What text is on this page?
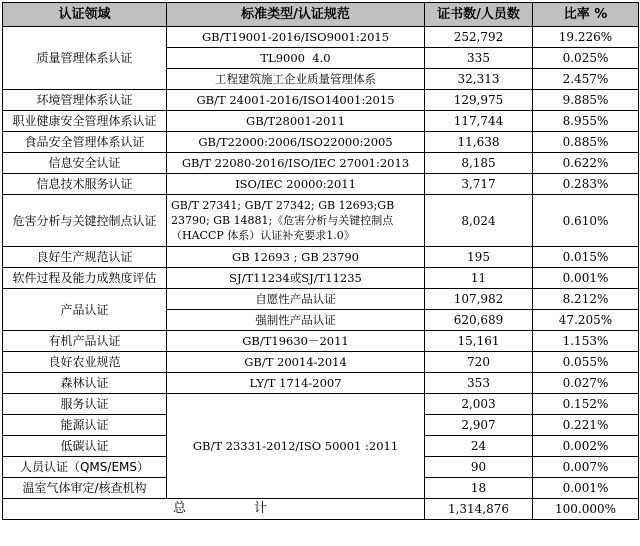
认证领域	标准类型/认证规范	证书数/人员数	比率 %
质量管理体系认证	GB/T19001-2016/ISO9001:2015	252,792	19.226%
	TL9000  4.0	335	0.025%
	工程建筑施工企业质量管理体系	32,313	2.457%
环境管理体系认证	GB/T 24001-2016/ISO14001:2015	129,975	9.885%
职业健康安全管理体系认证	GB/T28001-2011	117,744	8.955%
食品安全管理体系认证	GB/T22000:2006/ISO22000:2005	11,638	0.885%
信息安全认证	GB/T 22080-2016/ISO/IEC 27001:2013	8,185	0.622%
信息技术服务认证	ISO/IEC 20000:2011	3,717	0.283%
危害分析与关键控制点认证	GB/T 27341; GB/T 27342; GB 12693;GB 23790; GB 14881;《危害分析与关键控制点（HACCP 体系）认证补充要求1.0》	8,024	0.610%
良好生产规范认证	GB 12693 ; GB 23790	195	0.015%
软件过程及能力成熟度评估	SJ/T11234或SJ/T11235	11	0.001%
产品认证	自愿性产品认证	107,982	8.212%
	强制性产品认证	620,689	47.205%
有机产品认证	GB/T19630－2011	15,161	1.153%
良好农业规范	GB/T 20014-2014	720	0.055%
森林认证	LY/T 1714-2007	353	0.027%
服务认证	GB/T 23331-2012/ISO 50001 :2011	2,003	0.152%
能源认证		2,907	0.221%
低碳认证		24	0.002%
人员认证（QMS/EMS）		90	0.007%
温室气体审定/核查机构		18	0.001%
总 计		1,314,876	100.000%
